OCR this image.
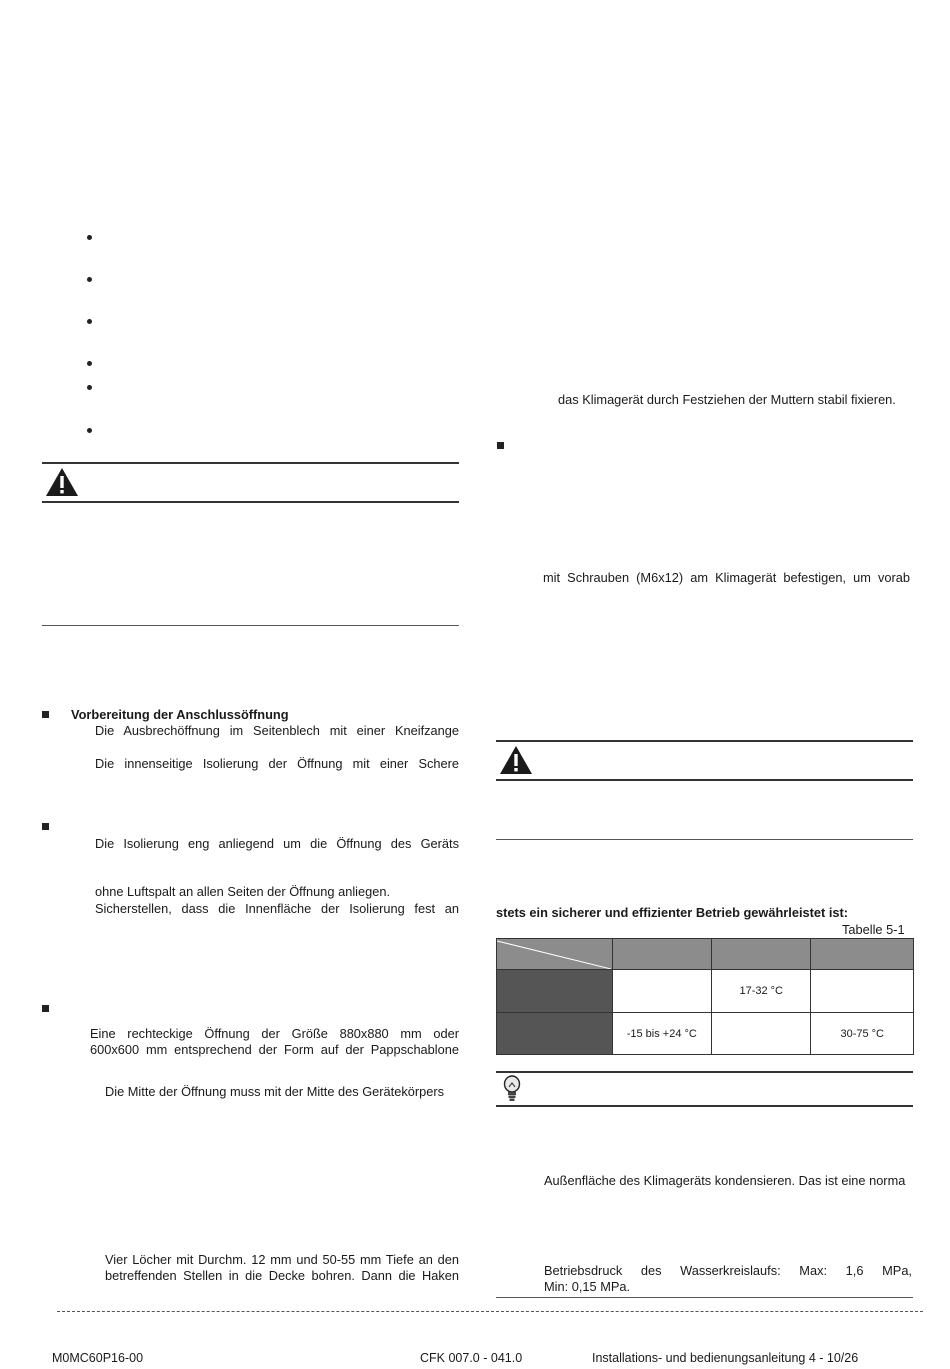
Vorbereitung der Anschlussöffnung
Die Ausbrechöffnung im Seitenblech mit einer Kneifzange
Die innenseitige Isolierung der Öffnung mit einer Schere
Die Isolierung eng anliegend um die Öffnung des Geräts
ohne Luftspalt an allen Seiten der Öffnung anliegen.
Sicherstellen, dass die Innenfläche der Isolierung fest an
Eine rechteckige Öffnung der Größe 880x880 mm oder
600x600 mm entsprechend der Form auf der Pappschablone
Die Mitte der Öffnung muss mit der Mitte des Gerätekörpers
Vier Löcher mit Durchm. 12 mm und 50-55 mm Tiefe an den
betreffenden Stellen in die Decke bohren. Dann die Haken
das Klimagerät durch Festziehen der Muttern stabil fixieren.
mit Schrauben (M6x12) am Klimagerät befestigen, um vorab
stets ein sicherer und effizienter Betrieb gewährleistet ist:
Tabelle 5-1

		17-32 °C	
	-15 bis +24 °C		30-75 °C
Außenfläche des Klimageräts kondensieren. Das ist eine norma
Betriebsdruck des Wasserkreislaufs: Max: 1,6 MPa,
Min: 0,15 MPa.
M0MC60P16-00	CFK 007.0 - 041.0	Installations- und bedienungsanleitung 4 - 10/26
